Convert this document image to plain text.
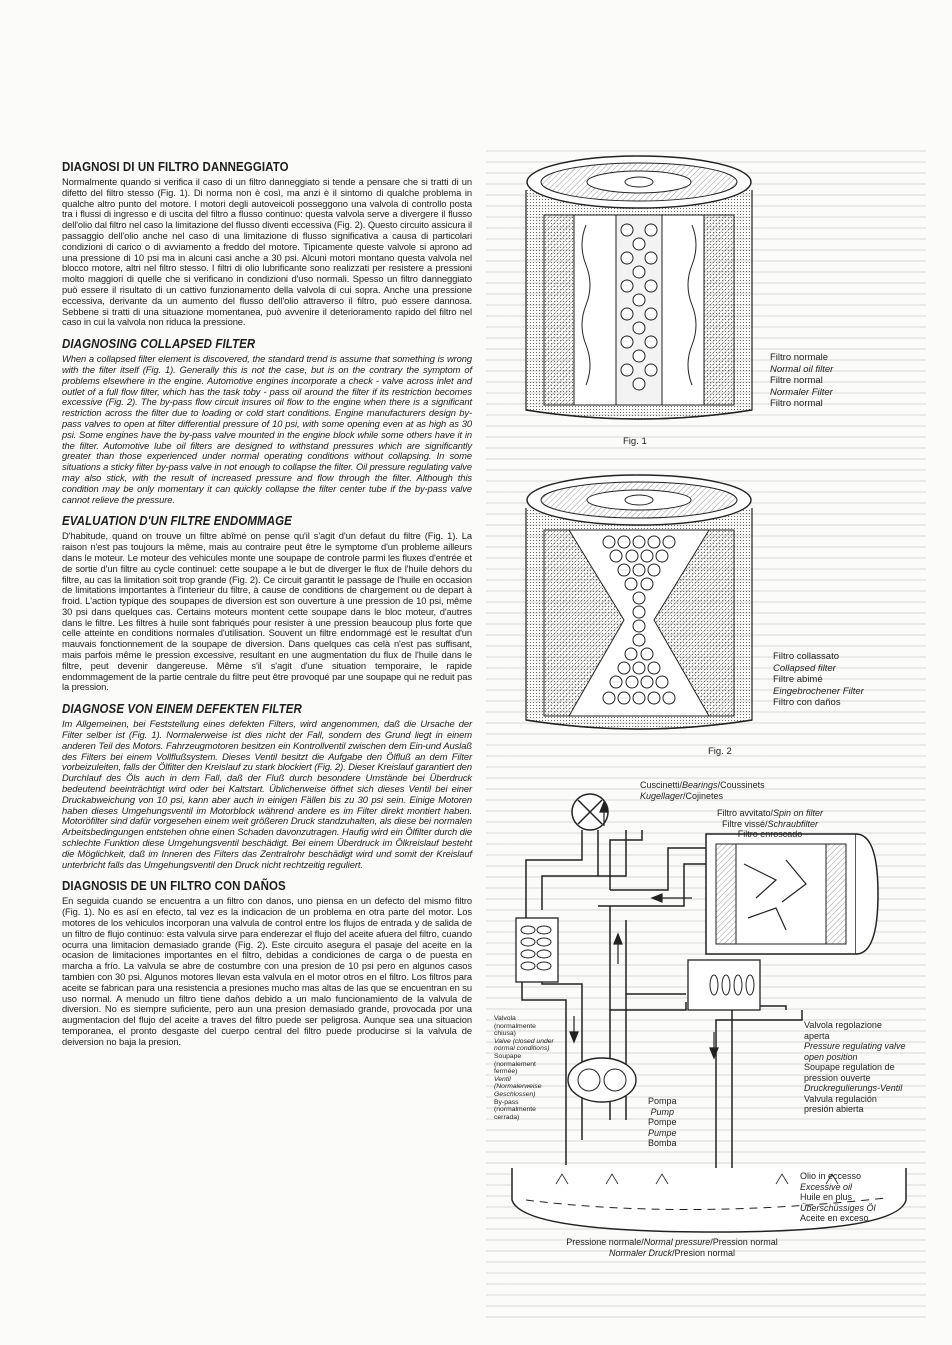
DIAGNOSI DI UN FILTRO DANNEGGIATO

Normalmente quando si verifica il caso di un filtro danneggiato si tende a pensare che si tratti di un difetto del filtro stesso (Fig. 1). Di norma non è così, ma anzi è il sintomo di qualche problema in qualche altro punto del motore. I motori degli autoveicoli posseggono una valvola di controllo posta tra i flussi di ingresso e di uscita del filtro a flusso continuo: questa valvola serve a divergere il flusso dell'olio dal filtro nel caso la limitazione del flusso diventi eccessiva (Fig. 2). Questo circuito assicura il passaggio dell'olio anche nel caso di una limitazione di flusso significativa a causa di particolari condizioni di carico o di avviamento a freddo del motore. Tipicamente queste valvole si aprono ad una pressione di 10 psi ma in alcuni casi anche a 30 psi. Alcuni motori montano questa valvola nel blocco motore, altri nel filtro stesso. I filtri di olio lubrificante sono realizzati per resistere a pressioni molto maggiori di quelle che si verificano in condizioni d'uso normali. Spesso un filtro danneggiato può essere il risultato di un cattivo funzionamento della valvola di cui sopra. Anche una pressione eccessiva, derivante da un aumento del flusso dell'olio attraverso il filtro, può essere dannosa. Sebbene si tratti di una situazione momentanea, può avvenire il deterioramento rapido del filtro nel caso in cui la valvola non riduca la pressione.

DIAGNOSING COLLAPSED FILTER

When a collapsed filter element is discovered, the standard trend is assume that something is wrong with the filter itself (Fig. 1). Generally this is not the case, but is on the contrary the symptom of problems elsewhere in the engine. Automotive engines incorporate a check - valve across inlet and outlet of a full flow filter, which has the task toby - pass oil around the filter if its restriction becomes excessive (Fig. 2). The by-pass flow circuit insures oil flow to the engine when there is a significant restriction across the filter due to loading or cold start conditions. Engine manufacturers design by-pass valves to open at filter differential pressure of 10 psi, with some opening even at as high as 30 psi. Some engines have the by-pass valve mounted in the engine block while some others have it in the filter. Automotive lube oil filters are designed to withstand pressures which are significantly greater than those experienced under normal operating conditions without collapsing. In some situations a sticky filter by-pass valve in not enough to collapse the filter. Oil pressure regulating valve may also stick, with the result of increased pressure and flow through the filter. Although this condition may be only momentary it can quickly collapse the filter center tube if the by-pass valve cannot relieve the pressure.

EVALUATION D'UN FILTRE ENDOMMAGE

D'habitude, quand on trouve un filtre abîmé on pense qu'il s'agit d'un defaut du filtre (Fig. 1). La raison n'est pas toujours la même, mais au contraire peut être le symptome d'un probleme ailleurs dans le moteur. Le moteur des vehicules monte une soupape de controle parmi les fluxes d'entrée et de sortie d'un filtre au cycle continuel: cette soupape a le but de diverger le flux de l'huile dehors du filtre, au cas la limitation soit trop grande (Fig. 2). Ce circuit garantit le passage de l'huile en occasion de limitations importantes à l'interieur du filtre, à cause de conditions de chargement ou de depart à froid. L'action typique des soupapes de diversion est son ouverture à une pression de 10 psi, même 30 psi dans quelques cas. Certains moteurs montent cette soupape dans le bloc moteur, d'autres dans le filtre. Les filtres à huile sont fabriqués pour resister à une pression beaucoup plus forte que celle atteinte en conditions normales d'utilisation. Souvent un filtre endommagé est le resultat d'un mauvais fonctionnement de la soupape de diversion. Dans quelques cas celà n'est pas suffisant, mais parfois même le pression excessive, resultant en une augmentation du flux de l'huile dans le filtre, peut devenir dangereuse. Même s'il s'agit d'une situation temporaire, le rapide endommagement de la partie centrale du filtre peut être provoqué par une soupape qui ne reduit pas la pression.

DIAGNOSE VON EINEM DEFEKTEN FILTER

Im Allgemeinen, bei Feststellung eines defekten Filters, wird angenommen, daß die Ursache der Filter selber ist (Fig. 1). Normalerweise ist dies nicht der Fall, sondern des Grund liegt in einem anderen Teil des Motors. Fahrzeugmotoren besitzen ein Kontrollventil zwischen dem Ein-und Auslaß des Filters bei einem Vollflußsystem. Dieses Ventil besitzt die Aufgabe den Ölfluß an dem Filter vorbeizuleiten, falls der Ölfilter den Kreislauf zu stark blockiert (Fig. 2). Dieser Kreislauf garantiert den Durchlauf des Öls auch in dem Fall, daß der Fluß durch besondere Umstände bei Überdruck bedeutend beeinträchtigt wird oder bei Kaltstart. Üblicherweise öffnet sich dieses Ventil bei einer Druckabweichung von 10 psi, kann aber auch in einigen Fällen bis zu 30 psi sein. Einige Motoren haben dieses Umgehungsventil im Motorblock während andere es im Filter direkt montiert haben. Motoröfilter sind dafür vorgesehen einem weit größeren Druck standzuhalten, als diese bei normalen Arbeitsbedingungen entstehen ohne einen Schaden davonzutragen. Haufig wird ein Ölfilter durch die schlechte Funktion diese Umgehungsventil beschädigt. Bei einem Überdruck im Ölkreislauf besteht die Möglichkeit, daß im Inneren des Filters das Zentralrohr beschädigt wird und somit der Kreislauf unterbricht falls das Umgehungsventil den Druck nicht rechtzeitig reguliert.

DIAGNOSIS DE UN FILTRO CON DAÑOS

En seguida cuando se encuentra a un filtro con danos, uno piensa en un defecto del mismo filtro (Fig. 1). No es así en efecto, tal vez es la indicacion de un problema en otra parte del motor. Los motores de los vehiculos incorporan una valvula de control entre los flujos de entrada y de salida de un filtro de flujo continuo: esta valvula sirve para enderezar el flujo del aceite afuera del filtro, cuando ocurra una limitacion demasiado grande (Fig. 2). Este circuito asegura el pasaje del aceite en la ocasion de limitaciones importantes en el filtro, debidas a condiciones de carga o de puesta en marcha a frío. La valvula se abre de costumbre con una presion de 10 psi pero en algunos casos tambien con 30 psi. Algunos motores llevan esta valvula en el motor otros en el filtro. Los filtros para aceite se fabrican para una resistencia a presiones mucho mas altas de las que se encuentran en su uso normal. A menudo un filtro tiene daños debido a un malo funcionamiento de la valvula de diversion. No es siempre suficiente, pero aun una presion demasiado grande, provocada por una augmentacion del flujo del aceite a traves del filtro puede ser peligrosa. Aunque sea una situacion temporanea, el pronto desgaste del cuerpo central del filtro puede producirse si la valvula de deiversion no baja la presion.

Fig. 1
Filtro normale
Normal oil filter
Filtre normal
Normaler Filter
Filtro normal
Fig. 2
Filtro collassato
Collapsed filter
Filtre abimé
Eingebrochener Filter
Filtro con daños
Cuscinetti/Bearings/Coussinets
Kugellager/Cojinetes
Filtro avvitato/Spin on filter
Filtre vissé/Schraubfilter
Filtro enroscado
Valvola
(normalmente
chiusa)
Valve (closed under
normal conditions)
Soupape
(normalement
fermée)
Ventil
(Normalerweise
Geschlossen)
By-pass
(normalmente
cerrada)
Valvola regolazione
aperta
Pressure regulating valve
open position
Soupape regulation de
pression ouverte
Druckregulierungs-Ventil
Valvula regulación
presión abierta
Pompa
Pump
Pompe
Pumpe
Bomba
Olio in eccesso
Excessive oil
Huile en plus
Überschüssiges Öl
Aceite en exceso
Pressione normale/Normal pressure/Pression normal
Normaler Druck/Presion normal
